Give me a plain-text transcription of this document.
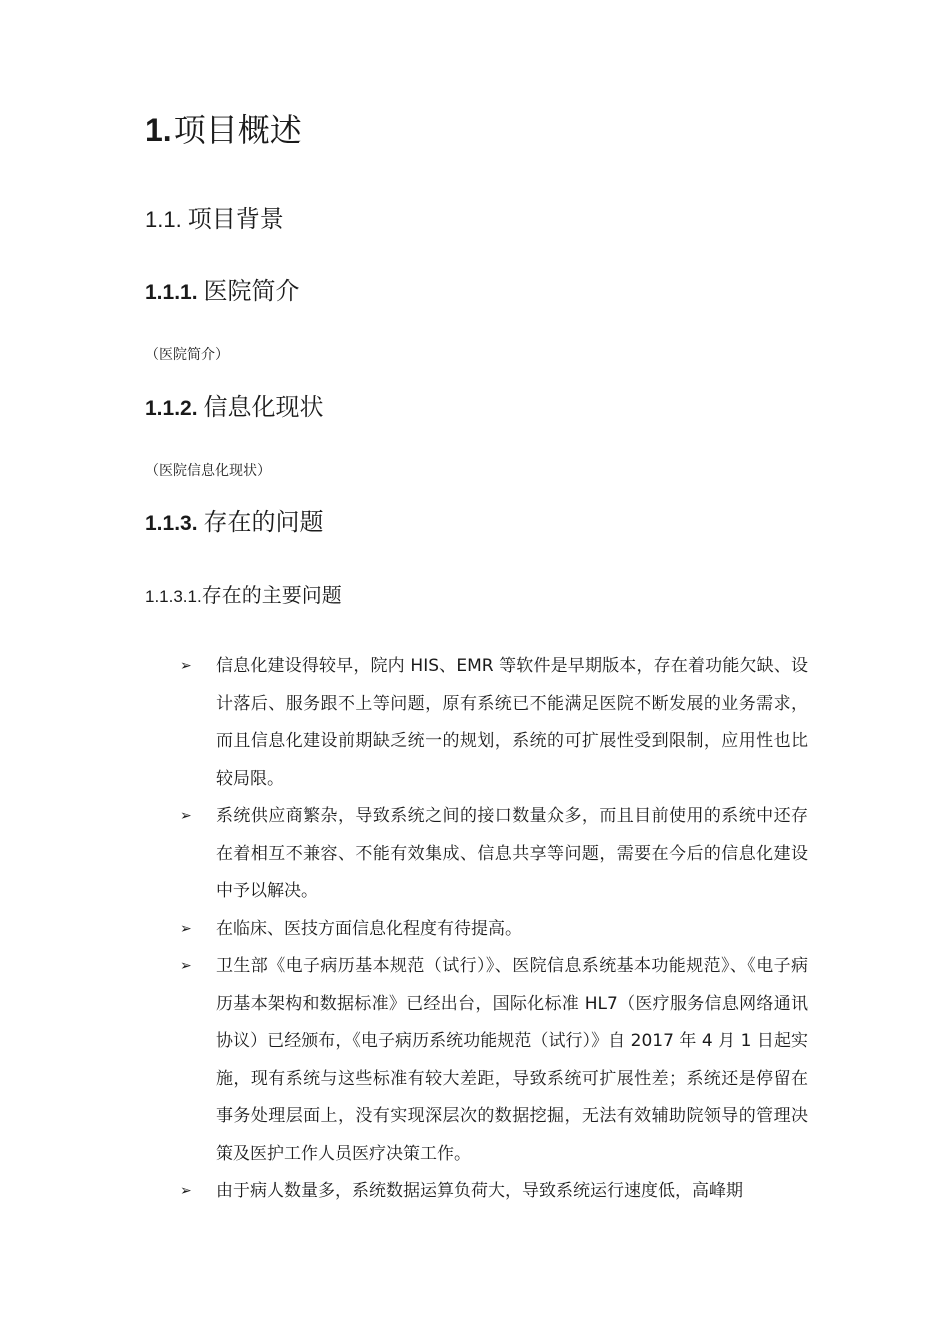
1.项目概述
1.1. 项目背景
1.1.1. 医院简介
（医院简介）
1.1.2. 信息化现状
（医院信息化现状）
1.1.3. 存在的问题
1.1.3.1.存在的主要问题
➢ 信息化建设得较早，院内 HIS、EMR 等软件是早期版本，存在着功能欠缺、设计落后、服务跟不上等问题，原有系统已不能满足医院不断发展的业务需求，而且信息化建设前期缺乏统一的规划，系统的可扩展性受到限制，应用性也比较局限。
➢ 系统供应商繁杂，导致系统之间的接口数量众多，而且目前使用的系统中还存在着相互不兼容、不能有效集成、信息共享等问题，需要在今后的信息化建设中予以解决。
➢ 在临床、医技方面信息化程度有待提高。
➢ 卫生部《电子病历基本规范（试行）》、医院信息系统基本功能规范》、《电子病历基本架构和数据标准》已经出台，国际化标准 HL7（医疗服务信息网络通讯协议）已经颁布，《电子病历系统功能规范（试行）》自 2017 年 4 月 1 日起实施，现有系统与这些标准有较大差距，导致系统可扩展性差；系统还是停留在事务处理层面上，没有实现深层次的数据挖掘，无法有效辅助院领导的管理决策及医护工作人员医疗决策工作。
➢ 由于病人数量多，系统数据运算负荷大，导致系统运行速度低，高峰期
